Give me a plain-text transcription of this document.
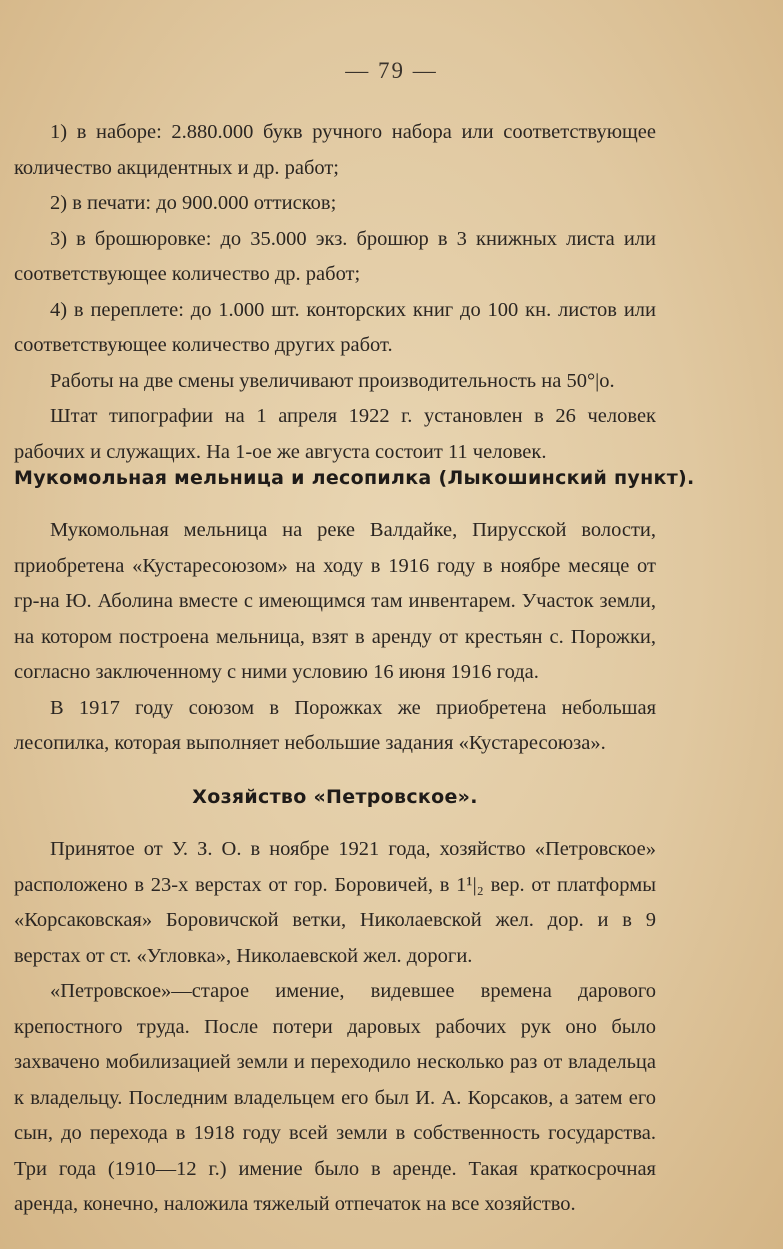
— 79 —

1) в наборе: 2.880.000 букв ручного набора или соответствующее количество акцидентных и др. работ;

2) в печати: до 900.000 оттисков;

3) в брошюровке: до 35.000 экз. брошюр в 3 книжных листа или соответствующее количество др. работ;

4) в переплете: до 1.000 шт. конторских книг до 100 кн. листов или соответствующее количество других работ.

Работы на две смены увеличивают производительность на 50°|о.

Штат типографии на 1 апреля 1922 г. установлен в 26 человек рабочих и служащих. На 1-ое же августа состоит 11 человек.

Мукомольная мельница и лесопилка (Лыкошинский пункт).

Мукомольная мельница на реке Валдайке, Пирусской волости, приобретена «Кустаресоюзом» на ходу в 1916 году в ноябре месяце от гр-на Ю. Аболина вместе с имеющимся там инвентарем. Участок земли, на котором построена мельница, взят в аренду от крестьян с. Порожки, согласно заключенному с ними условию 16 июня 1916 года.

В 1917 году союзом в Порожках же приобретена небольшая лесопилка, которая выполняет небольшие задания «Кустаресоюза».

Хозяйство «Петровское».

Принятое от У. З. О. в ноябре 1921 года, хозяйство «Петровское» расположено в 23-х верстах от гор. Боровичей, в 1¹|₂ вер. от платформы «Корсаковская» Боровичской ветки, Николаевской жел. дор. и в 9 верстах от ст. «Угловка», Николаевской жел. дороги.

«Петровское»—старое имение, видевшее времена дарового крепостного труда. После потери даровых рабочих рук оно было захвачено мобилизацией земли и переходило несколько раз от владельца к владельцу. Последним владельцем его был И. А. Корсаков, а затем его сын, до перехода в 1918 году всей земли в собственность государства. Три года (1910—12 г.) имение было в аренде. Такая краткосрочная аренда, конечно, наложила тяжелый отпечаток на все хозяйство.
